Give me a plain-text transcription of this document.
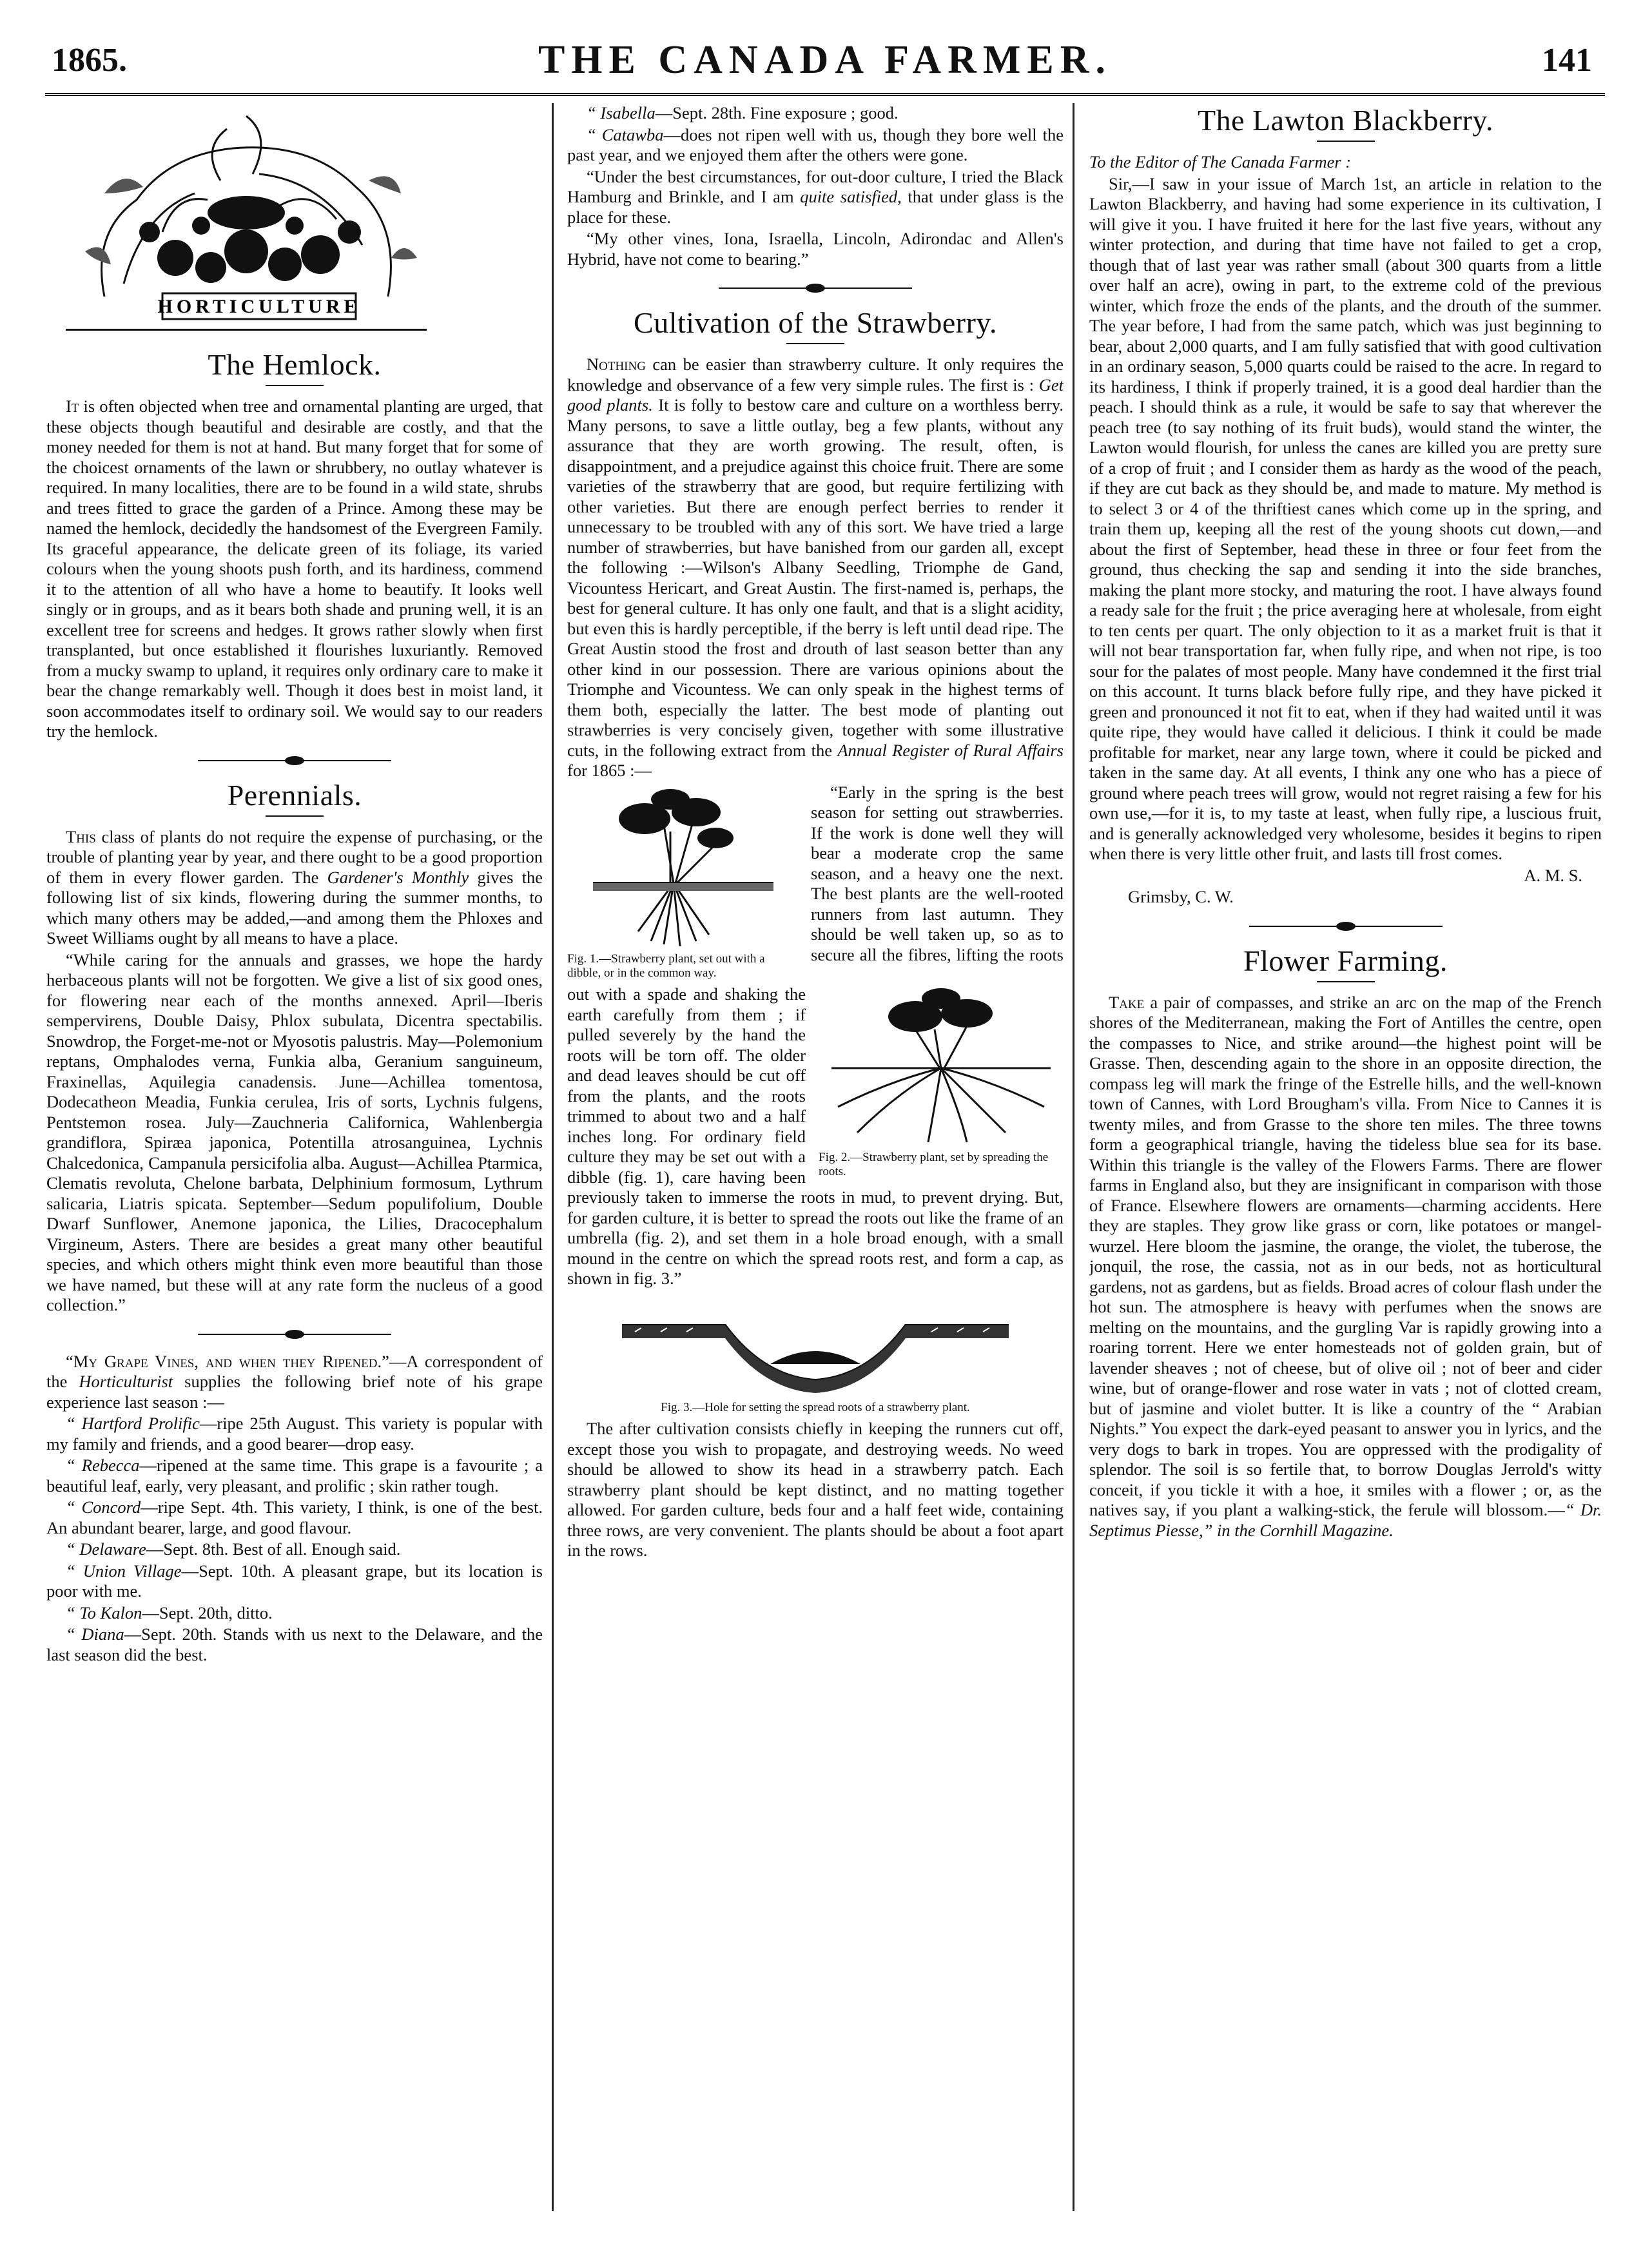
1865.	THE CANADA FARMER.	141
HORTICULTURE
The Hemlock.

It is often objected when tree and ornamental planting are urged, that these objects though beautiful and desirable are costly, and that the money needed for them is not at hand. But many forget that for some of the choicest ornaments of the lawn or shrubbery, no outlay whatever is required. In many localities, there are to be found in a wild state, shrubs and trees fitted to grace the garden of a Prince. Among these may be named the hemlock, decidedly the handsomest of the Evergreen Family. Its graceful appearance, the delicate green of its foliage, its varied colours when the young shoots push forth, and its hardiness, commend it to the attention of all who have a home to beautify. It looks well singly or in groups, and as it bears both shade and pruning well, it is an excellent tree for screens and hedges. It grows rather slowly when first transplanted, but once established it flourishes luxuriantly. Removed from a mucky swamp to upland, it requires only ordinary care to make it bear the change remarkably well. Though it does best in moist land, it soon accommodates itself to ordinary soil. We would say to our readers try the hemlock.

Perennials.

This class of plants do not require the expense of purchasing, or the trouble of planting year by year, and there ought to be a good proportion of them in every flower garden. The Gardener's Monthly gives the following list of six kinds, flowering during the summer months, to which many others may be added,—and among them the Phloxes and Sweet Williams ought by all means to have a place.

“While caring for the annuals and grasses, we hope the hardy herbaceous plants will not be forgotten. We give a list of six good ones, for flowering near each of the months annexed. April—Iberis sempervirens, Double Daisy, Phlox subulata, Dicentra spectabilis. Snowdrop, the Forget-me-not or Myosotis palustris. May—Polemonium reptans, Omphalodes verna, Funkia alba, Geranium sanguineum, Fraxinellas, Aquilegia canadensis. June—Achillea tomentosa, Dodecatheon Meadia, Funkia cerulea, Iris of sorts, Lychnis fulgens, Pentstemon rosea. July—Zauchneria Californica, Wahlenbergia grandiflora, Spiræa japonica, Potentilla atrosanguinea, Lychnis Chalcedonica, Campanula persicifolia alba. August—Achillea Ptarmica, Clematis revoluta, Chelone barbata, Delphinium formosum, Lythrum salicaria, Liatris spicata. September—Sedum populifolium, Double Dwarf Sunflower, Anemone japonica, the Lilies, Dracocephalum Virgineum, Asters. There are besides a great many other beautiful species, and which others might think even more beautiful than those we have named, but these will at any rate form the nucleus of a good collection.”

“My Grape Vines, and when they Ripened.”—A correspondent of the Horticulturist supplies the following brief note of his grape experience last season :—

“ Hartford Prolific—ripe 25th August. This variety is popular with my family and friends, and a good bearer—drop easy.

“ Rebecca—ripened at the same time. This grape is a favourite ; a beautiful leaf, early, very pleasant, and prolific ; skin rather tough.

“ Concord—ripe Sept. 4th. This variety, I think, is one of the best. An abundant bearer, large, and good flavour.

“ Delaware—Sept. 8th. Best of all. Enough said.

“ Union Village—Sept. 10th. A pleasant grape, but its location is poor with me.

“ To Kalon—Sept. 20th, ditto.

“ Diana—Sept. 20th. Stands with us next to the Delaware, and the last season did the best.

“ Isabella—Sept. 28th. Fine exposure ; good.

“ Catawba—does not ripen well with us, though they bore well the past year, and we enjoyed them after the others were gone.

“Under the best circumstances, for out-door culture, I tried the Black Hamburg and Brinkle, and I am quite satisfied, that under glass is the place for these.

“My other vines, Iona, Israella, Lincoln, Adirondac and Allen's Hybrid, have not come to bearing.”

Cultivation of the Strawberry.

Nothing can be easier than strawberry culture. It only requires the knowledge and observance of a few very simple rules. The first is : Get good plants. It is folly to bestow care and culture on a worthless berry. Many persons, to save a little outlay, beg a few plants, without any assurance that they are worth growing. The result, often, is disappointment, and a prejudice against this choice fruit. There are some varieties of the strawberry that are good, but require fertilizing with other varieties. But there are enough perfect berries to render it unnecessary to be troubled with any of this sort. We have tried a large number of strawberries, but have banished from our garden all, except the following :—Wilson's Albany Seedling, Triomphe de Gand, Vicountess Hericart, and Great Austin. The first-named is, perhaps, the best for general culture. It has only one fault, and that is a slight acidity, but even this is hardly perceptible, if the berry is left until dead ripe. The Great Austin stood the frost and drouth of last season better than any other kind in our possession. There are various opinions about the Triomphe and Vicountess. We can only speak in the highest terms of them both, especially the latter. The best mode of planting out strawberries is very concisely given, together with some illustrative cuts, in the following extract from the Annual Register of Rural Affairs for 1865 :—

Fig. 1.—Strawberry plant, set out with a dibble, or in the common way.
Fig. 2.—Strawberry plant, set by spreading the roots.

“Early in the spring is the best season for setting out strawberries. If the work is done well they will bear a moderate crop the same season, and a heavy one the next. The best plants are the well-rooted runners from last autumn. They should be well taken up, so as to secure all the fibres, lifting the roots out with a spade and shaking the earth carefully from them ; if pulled severely by the hand the roots will be torn off. The older and dead leaves should be cut off from the plants, and the roots trimmed to about two and a half inches long. For ordinary field culture they may be set out with a dibble (fig. 1), care having been previously taken to immerse the roots in mud, to prevent drying. But, for garden culture, it is better to spread the roots out like the frame of an umbrella (fig. 2), and set them in a hole broad enough, with a small mound in the centre on which the spread roots rest, and form a cap, as shown in fig. 3.”

Fig. 3.—Hole for setting the spread roots of a strawberry plant.

The after cultivation consists chiefly in keeping the runners cut off, except those you wish to propagate, and destroying weeds. No weed should be allowed to show its head in a strawberry patch. Each strawberry plant should be kept distinct, and no matting together allowed. For garden culture, beds four and a half feet wide, containing three rows, are very convenient. The plants should be about a foot apart in the rows.

The Lawton Blackberry.

To the Editor of The Canada Farmer :

Sir,—I saw in your issue of March 1st, an article in relation to the Lawton Blackberry, and having had some experience in its cultivation, I will give it you. I have fruited it here for the last five years, without any winter protection, and during that time have not failed to get a crop, though that of last year was rather small (about 300 quarts from a little over half an acre), owing in part, to the extreme cold of the previous winter, which froze the ends of the plants, and the drouth of the summer. The year before, I had from the same patch, which was just beginning to bear, about 2,000 quarts, and I am fully satisfied that with good cultivation in an ordinary season, 5,000 quarts could be raised to the acre. In regard to its hardiness, I think if properly trained, it is a good deal hardier than the peach. I should think as a rule, it would be safe to say that wherever the peach tree (to say nothing of its fruit buds), would stand the winter, the Lawton would flourish, for unless the canes are killed you are pretty sure of a crop of fruit ; and I consider them as hardy as the wood of the peach, if they are cut back as they should be, and made to mature. My method is to select 3 or 4 of the thriftiest canes which come up in the spring, and train them up, keeping all the rest of the young shoots cut down,—and about the first of September, head these in three or four feet from the ground, thus checking the sap and sending it into the side branches, making the plant more stocky, and maturing the root. I have always found a ready sale for the fruit ; the price averaging here at wholesale, from eight to ten cents per quart. The only objection to it as a market fruit is that it will not bear transportation far, when fully ripe, and when not ripe, is too sour for the palates of most people. Many have condemned it the first trial on this account. It turns black before fully ripe, and they have picked it green and pronounced it not fit to eat, when if they had waited until it was quite ripe, they would have called it delicious. I think it could be made profitable for market, near any large town, where it could be picked and taken in the same day. At all events, I think any one who has a piece of ground where peach trees will grow, would not regret raising a few for his own use,—for it is, to my taste at least, when fully ripe, a luscious fruit, and is generally acknowledged very wholesome, besides it begins to ripen when there is very little other fruit, and lasts till frost comes.

A. M. S.

Grimsby, C. W.

Flower Farming.

Take a pair of compasses, and strike an arc on the map of the French shores of the Mediterranean, making the Fort of Antilles the centre, open the compasses to Nice, and strike around—the highest point will be Grasse. Then, descending again to the shore in an opposite direction, the compass leg will mark the fringe of the Estrelle hills, and the well-known town of Cannes, with Lord Brougham's villa. From Nice to Cannes it is twenty miles, and from Grasse to the shore ten miles. The three towns form a geographical triangle, having the tideless blue sea for its base. Within this triangle is the valley of the Flowers Farms. There are flower farms in England also, but they are insignificant in comparison with those of France. Elsewhere flowers are ornaments—charming accidents. Here they are staples. They grow like grass or corn, like potatoes or mangel-wurzel. Here bloom the jasmine, the orange, the violet, the tuberose, the jonquil, the rose, the cassia, not as in our beds, not as horticultural gardens, not as gardens, but as fields. Broad acres of colour flash under the hot sun. The atmosphere is heavy with perfumes when the snows are melting on the mountains, and the gurgling Var is rapidly growing into a roaring torrent. Here we enter homesteads not of golden grain, but of lavender sheaves ; not of cheese, but of olive oil ; not of beer and cider wine, but of orange-flower and rose water in vats ; not of clotted cream, but of jasmine and violet butter. It is like a country of the “ Arabian Nights.” You expect the dark-eyed peasant to answer you in lyrics, and the very dogs to bark in tropes. You are oppressed with the prodigality of splendor. The soil is so fertile that, to borrow Douglas Jerrold's witty conceit, if you tickle it with a hoe, it smiles with a flower ; or, as the natives say, if you plant a walking-stick, the ferule will blossom.—“ Dr. Septimus Piesse,” in the Cornhill Magazine.
